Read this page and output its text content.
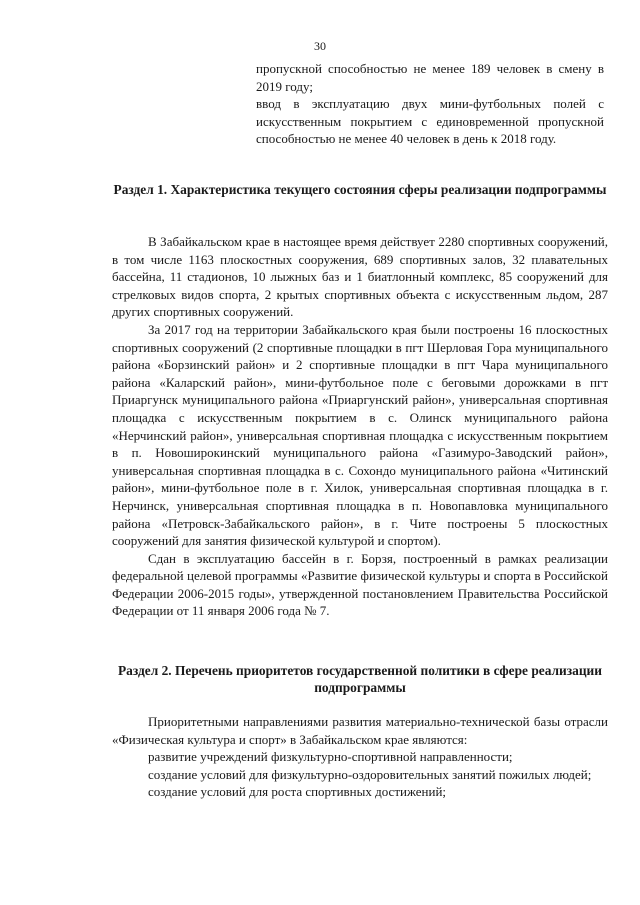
30

пропускной способностью не менее 189 человек в смену в 2019 году;

ввод в эксплуатацию двух мини-футбольных полей с искусственным покрытием с единовременной пропускной способностью не менее 40 человек в день к 2018 году.

Раздел 1. Характеристика текущего состояния сферы реализации подпрограммы

В Забайкальском крае в настоящее время действует 2280 спортивных сооружений, в том числе 1163 плоскостных сооружения, 689 спортивных залов, 32 плавательных бассейна, 11 стадионов, 10 лыжных баз и 1 биатлонный комплекс, 85 сооружений для стрелковых видов спорта, 2 крытых спортивных объекта с искусственным льдом, 287 других спортивных сооружений.

За 2017 год на территории Забайкальского края были построены 16 плоскостных спортивных сооружений (2 спортивные площадки в пгт Шерловая Гора муниципального района «Борзинский район» и 2 спортивные площадки в пгт Чара муниципального района «Каларский район», мини-футбольное поле с беговыми дорожками в пгт Приаргунск муниципального района «Приаргунский район», универсальная спортивная площадка с искусственным покрытием в с. Олинск муниципального района «Нерчинский район», универсальная спортивная площадка с искусственным покрытием в п. Новоширокинский муниципального района «Газимуро-Заводский район», универсальная спортивная площадка в с. Сохондо муниципального района «Читинский район», мини-футбольное поле в г. Хилок, универсальная спортивная площадка в г. Нерчинск, универсальная спортивная площадка в п. Новопавловка муниципального района «Петровск-Забайкальского район», в г. Чите построены 5 плоскостных сооружений для занятия физической культурой и спортом).

Сдан в эксплуатацию бассейн в г. Борзя, построенный в рамках реализации федеральной целевой программы «Развитие физической культуры и спорта в Российской Федерации 2006-2015 годы», утвержденной постановлением Правительства Российской Федерации от 11 января 2006 года № 7.

Раздел 2. Перечень приоритетов государственной политики в сфере реализации подпрограммы

Приоритетными направлениями развития материально-технической базы отрасли «Физическая культура и спорт» в Забайкальском крае являются:

развитие учреждений физкультурно-спортивной направленности;

создание условий для физкультурно-оздоровительных занятий пожилых людей;

создание условий для роста спортивных достижений;
